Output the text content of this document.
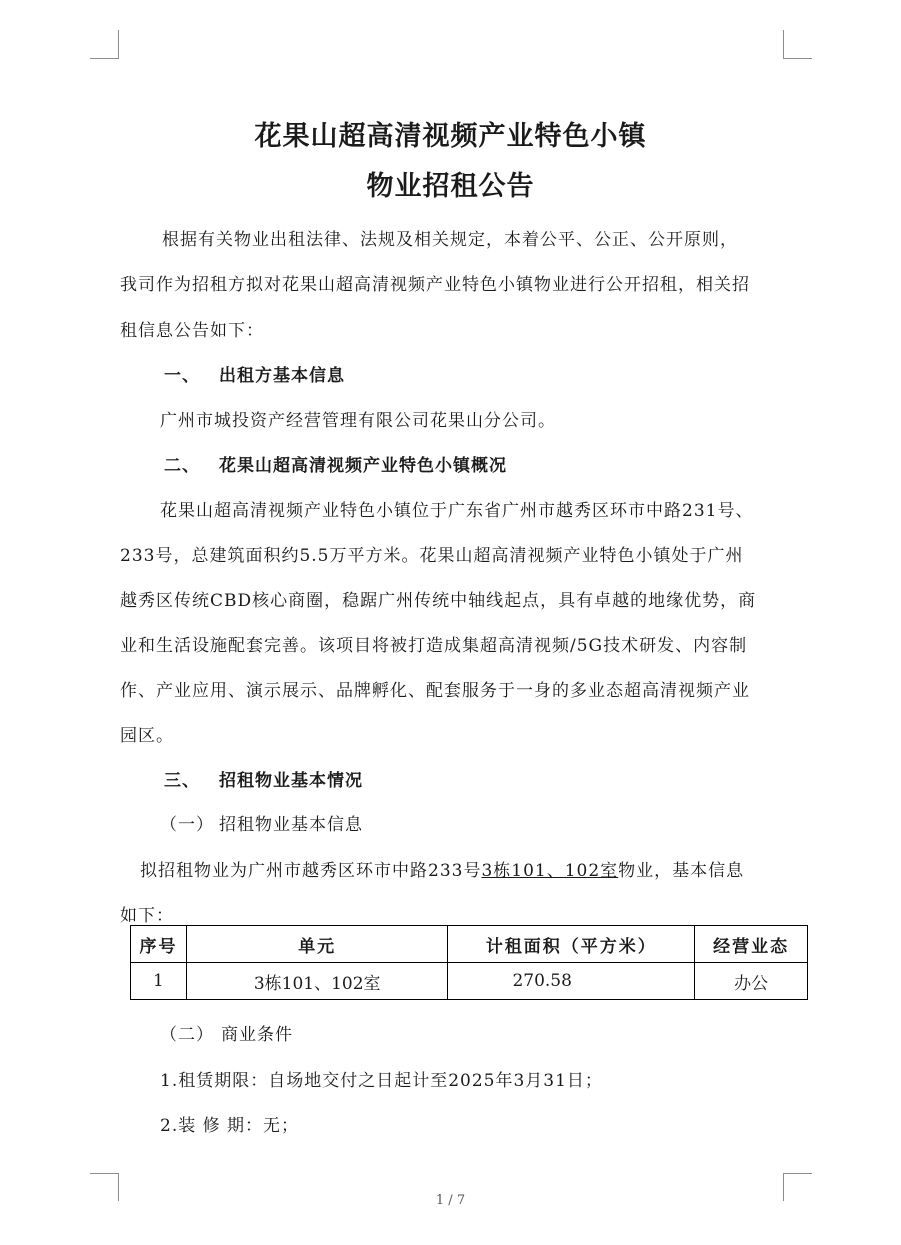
花果山超高清视频产业特色小镇
物业招租公告
根据有关物业出租法律、法规及相关规定，本着公平、公正、公开原则，
我司作为招租方拟对花果山超高清视频产业特色小镇物业进行公开招租，相关招
租信息公告如下：
一、 出租方基本信息
广州市城投资产经营管理有限公司花果山分公司。
二、 花果山超高清视频产业特色小镇概况
花果山超高清视频产业特色小镇位于广东省广州市越秀区环市中路231号、
233号，总建筑面积约5.5万平方米。花果山超高清视频产业特色小镇处于广州
越秀区传统CBD核心商圈，稳踞广州传统中轴线起点，具有卓越的地缘优势，商
业和生活设施配套完善。该项目将被打造成集超高清视频/5G技术研发、内容制
作、产业应用、演示展示、品牌孵化、配套服务于一身的多业态超高清视频产业
园区。
三、 招租物业基本情况
（一） 招租物业基本信息
拟招租物业为广州市越秀区环市中路233号3栋101、102室物业，基本信息
如下：
序号	单元	计租面积（平方米）	经营业态
1	3栋101、102室	270.58	办公
（二） 商业条件
1.租赁期限：自场地交付之日起计至2025年3月31日；
2.装 修 期：无；
1 / 7
